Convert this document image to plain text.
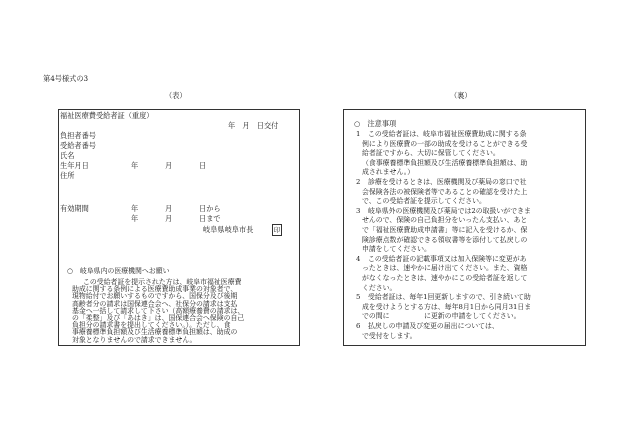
第4号様式の3
（表）	（裏）
福祉医療費受給者証（重度）
年　月　日交付
負担者番号
受給者番号
氏名
生年月日	年	月	日
住所
有効期間	年	月	日から
年	月	日まで
岐阜県岐阜市長	印
○　岐阜県内の医療機関へお願い
この受給者証を提示された方は、岐阜市福祉医療費
助成に関する条例による医療費助成事業の対象者で、
現物給付でお願いするものですから、国保分及び後期
高齢者分の請求は国保連合会へ、社保分の請求は支払
基金へ一括して請求して下さい（高額療養費の請求は、
の「柔整」及び「あはき」は、国保連合会へ保険の自己
負担分の請求書を提出してください。）。ただし、食
事療養標準負担額及び生活療養標準負担額は、助成の
対象となりませんので請求できません。
○　注意事項
1 この受給者証は、岐阜市福祉医療費助成に関する条
例により医療費の一部の助成を受けることができる受
給者証ですから、大切に保管してください。
（食事療養標準負担額及び生活療養標準負担額は、助
成されません。）
2 診療を受けるときは、医療機関及び薬局の窓口で社
会保険各法の被保険者等であることの確認を受けた上
で、この受給者証を提示してください。
3 岐阜県外の医療機関及び薬局では2の取扱いができま
せんので、保険の自己負担分をいったん支払い、あと
で「福祉医療費助成申請書」等に記入を受けるか、保
険診療点数が確認できる領収書等を添付して払戻しの
申請をしてください。
4 この受給者証の記載事項又は加入保険等に変更があ
ったときは、速やかに届け出てください。また、資格
がなくなったときは、速やかにこの受給者証を返して
ください。
5 受給者証は、毎年1回更新しますので、引き続いて助
成を受けようとする方は、毎年8月1日から同月31日ま
での間に　　　　　に更新の申請をしてください。
6 払戻しの申請及び変更の届出については、
で受付をします。
